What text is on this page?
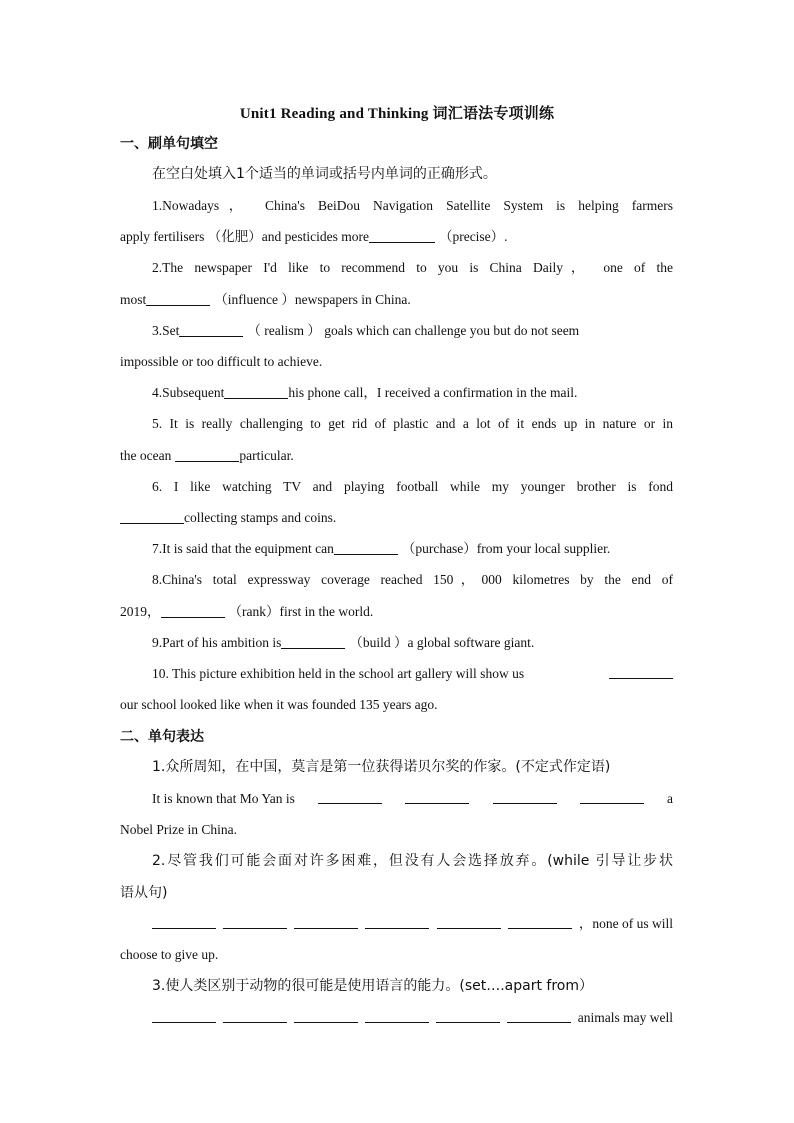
Unit1 Reading and Thinking 词汇语法专项训练
一、刷单句填空
在空白处填入1个适当的单词或括号内单词的正确形式。
1.Nowadays， China's BeiDou Navigation Satellite System is helping farmers
apply fertilisers （化肥）and pesticides more	（precise）.
2.The newspaper I'd like to recommend to you is China Daily， one of the
most	（influence ）newspapers in China.
3.Set	（ realism ） goals which can challenge you but do not seem
impossible or too difficult to achieve.
4.Subsequent	his phone call，I received a confirmation in the mail.
5. It is really challenging to get rid of plastic and a lot of it ends up in nature or in
the ocean	particular.
6. I like watching TV and playing football while my younger brother is fond
collecting stamps and coins.
7.It is said that the equipment can	（purchase）from your local supplier.
8.China's total expressway coverage reached 150，000 kilometres by the end of
2019，	（rank）first in the world.
9.Part of his ambition is	（build ）a global software giant.
10. This picture exhibition held in the school art gallery will show us
our school looked like when it was founded 135 years ago.
二、单句表达
1.众所周知，在中国，莫言是第一位获得诺贝尔奖的作家。(不定式作定语)
It is known that Mo Yan is	a
Nobel Prize in China.
2.尽管我们可能会面对许多困难，但没有人会选择放弃。(while 引导让步状
语从句)
，none of us will
choose to give up.
3.使人类区别于动物的很可能是使用语言的能力。(set….apart from）
animals may well
